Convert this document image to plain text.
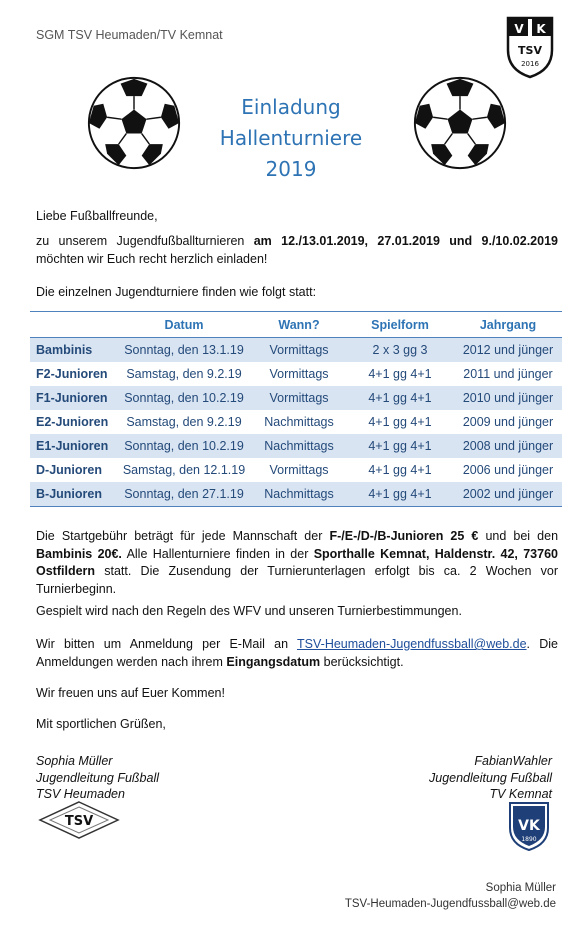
SGM TSV Heumaden/TV Kemnat	V K
TSV
2016
Einladung
Hallenturniere
2019
Liebe Fußballfreunde,
zu unserem Jugendfußballturnieren am 12./13.01.2019, 27.01.2019 und 9./10.02.2019 möchten wir Euch recht herzlich einladen!
Die einzelnen Jugendturniere finden wie folgt statt:
	Datum	Wann?	Spielform	Jahrgang
Bambinis	Sonntag, den 13.1.19	Vormittags	2 x 3 gg 3	2012 und jünger
F2-Junioren	Samstag, den 9.2.19	Vormittags	4+1 gg 4+1	2011 und jünger
F1-Junioren	Sonntag, den 10.2.19	Vormittags	4+1 gg 4+1	2010 und jünger
E2-Junioren	Samstag, den 9.2.19	Nachmittags	4+1 gg 4+1	2009 und jünger
E1-Junioren	Sonntag, den 10.2.19	Nachmittags	4+1 gg 4+1	2008 und jünger
D-Junioren	Samstag, den 12.1.19	Vormittags	4+1 gg 4+1	2006 und jünger
B-Junioren	Sonntag, den 27.1.19	Nachmittags	4+1 gg 4+1	2002 und jünger
Die Startgebühr beträgt für jede Mannschaft der F-/E-/D-/B-Junioren 25 € und bei den Bambinis 20€. Alle Hallenturniere finden in der Sporthalle Kemnat, Haldenstr. 42, 73760 Ostfildern statt. Die Zusendung der Turnierunterlagen erfolgt bis ca. 2 Wochen vor Turnierbeginn.
Gespielt wird nach den Regeln des WFV und unseren Turnierbestimmungen.
Wir bitten um Anmeldung per E-Mail an TSV-Heumaden-Jugendfussball@web.de. Die Anmeldungen werden nach ihrem Eingangsdatum berücksichtigt.
Wir freuen uns auf Euer Kommen!
Mit sportlichen Grüßen,
Sophia Müller
Jugendleitung Fußball
TSV Heumaden
TSV
FabianWahler
Jugendleitung Fußball
TV Kemnat
VK
1890
Sophia Müller
TSV-Heumaden-Jugendfussball@web.de
